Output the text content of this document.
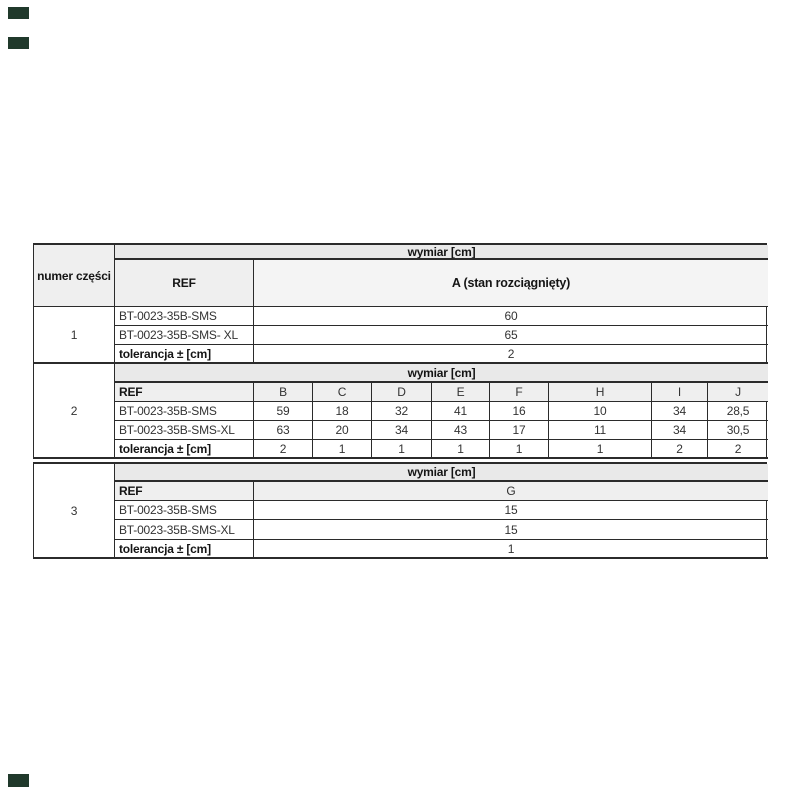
numer części
wymiar [cm]
REF	A (stan rozciągnięty)
1
BT-0023-35B-SMS	60
BT-0023-35B-SMS- XL	65
tolerancja ± [cm]	2
2
wymiar [cm]
REF	B	C	D	E	F	H	I	J
BT-0023-35B-SMS	59	18	32	41	16	10	34	28,5
BT-0023-35B-SMS-XL	63	20	34	43	17	11	34	30,5
tolerancja ± [cm]	2	1	1	1	1	1	2	2
3
wymiar [cm]
REF	G
BT-0023-35B-SMS	15
BT-0023-35B-SMS-XL	15
tolerancja ± [cm]	1
